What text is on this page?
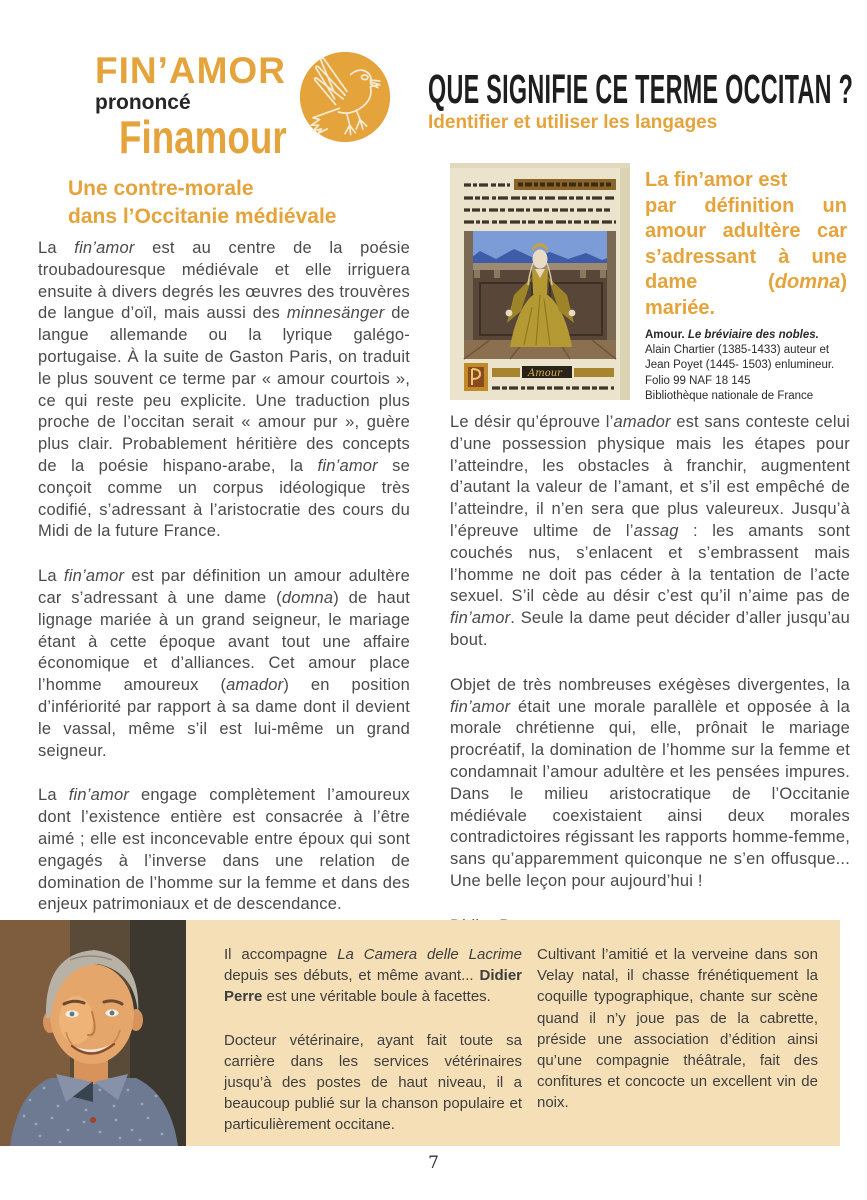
FIN’AMOR
prononcé
Finamour
QUE SIGNIFIE CE TERME OCCITAN ?
Identifier et utiliser les langages
Une contre-morale
dans l’Occitanie médiévale

La fin’amor est au centre de la poésie troubadouresque médiévale et elle irriguera ensuite à divers degrés les œuvres des trouvères de langue d’oïl, mais aussi des minnesänger de langue allemande ou la lyrique galégo-portugaise. À la suite de Gaston Paris, on traduit le plus souvent ce terme par « amour courtois », ce qui reste peu explicite. Une traduction plus proche de l’occitan serait « amour pur », guère plus clair. Probablement héritière des concepts de la poésie hispano-arabe, la fin’amor se conçoit comme un corpus idéologique très codifié, s’adressant à l’aristocratie des cours du Midi de la future France.

La fin’amor est par définition un amour adultère car s’adressant à une dame (domna) de haut lignage mariée à un grand seigneur, le mariage étant à cette époque avant tout une affaire économique et d’alliances. Cet amour place l’homme amoureux (amador) en position d’infériorité par rapport à sa dame dont il devient le vassal, même s’il est lui-même un grand seigneur.

La fin’amor engage complètement l’amoureux dont l’existence entière est consacrée à l’être aimé ; elle est inconcevable entre époux qui sont engagés à l’inverse dans une relation de domination de l’homme sur la femme et dans des enjeux patrimoniaux et de descendance.

Amour
La fin’amor est
par définition un amour adultère car s’adressant à une dame (domna) mariée.
Amour. Le bréviaire des nobles.
Alain Chartier (1385-1433) auteur et
Jean Poyet (1445- 1503) enlumineur.
Folio 99 NAF 18 145
Bibliothèque nationale de France

Le désir qu’éprouve l’amador est sans conteste celui d’une possession physique mais les étapes pour l’atteindre, les obstacles à franchir, augmentent d’autant la valeur de l’amant, et s’il est empêché de l’atteindre, il n’en sera que plus valeureux. Jusqu’à l’épreuve ultime de l’assag : les amants sont couchés nus, s’enlacent et s’embrassent mais l’homme ne doit pas céder à la tentation de l’acte sexuel. S’il cède au désir c’est qu’il n’aime pas de fin’amor. Seule la dame peut décider d’aller jusqu’au bout.

Objet de très nombreuses exégèses divergentes, la fin’amor était une morale parallèle et opposée à la morale chrétienne qui, elle, prônait le mariage procréatif, la domination de l’homme sur la femme et condamnait l’amour adultère et les pensées impures. Dans le milieu aristocratique de l’Occitanie médiévale coexistaient ainsi deux morales contradictoires régissant les rapports homme-femme, sans qu’apparemment quiconque ne s’en offusque... Une belle leçon pour aujourd’hui !

Il accompagne La Camera delle Lacrime depuis ses débuts, et même avant... Didier Perre est une véritable boule à facettes.

Docteur vétérinaire, ayant fait toute sa carrière dans les services vétérinaires jusqu’à des postes de haut niveau, il a beaucoup publié sur la chanson populaire et particulièrement occitane.

Cultivant l’amitié et la verveine dans son Velay natal, il chasse frénétiquement la coquille typographique, chante sur scène quand il n’y joue pas de la cabrette, préside une association d’édition ainsi qu’une compagnie théâtrale, fait des confitures et concocte un excellent vin de noix.

7
